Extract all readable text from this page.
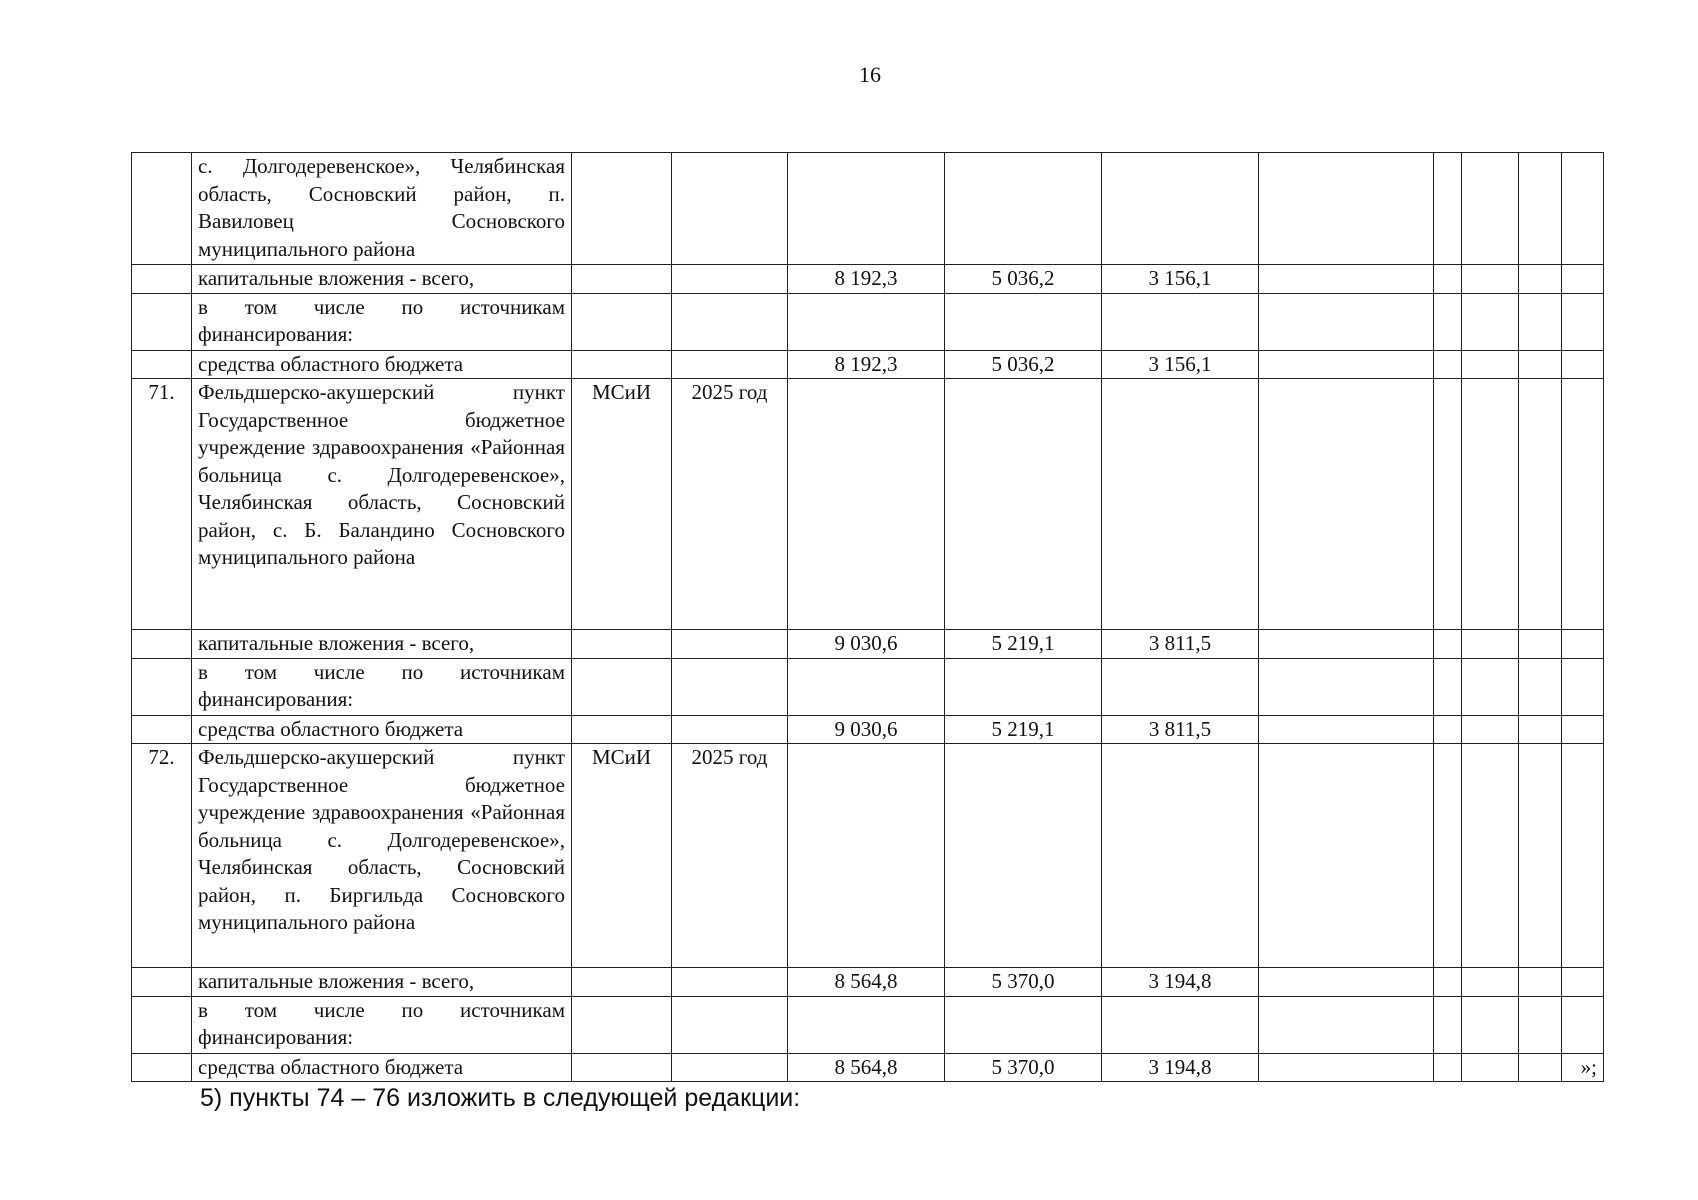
16
	с. Долгодеревенское», Челябинская область, Сосновский район, п. Вавиловец Сосновского муниципального района										
	капитальные вложения - всего,			8 192,3	5 036,2	3 156,1					
	в том числе по источникам финансирования:										
	средства областного бюджета			8 192,3	5 036,2	3 156,1					
71.	Фельдшерско-акушерский пункт Государственное бюджетное учреждение здравоохранения «Районная больница с. Долгодеревенское», Челябинская область, Сосновский район, с. Б. Баландино Сосновского муниципального района	МСиИ	2025 год								
	капитальные вложения - всего,			9 030,6	5 219,1	3 811,5					
	в том числе по источникам финансирования:										
	средства областного бюджета			9 030,6	5 219,1	3 811,5					
72.	Фельдшерско-акушерский пункт Государственное бюджетное учреждение здравоохранения «Районная больница с. Долгодеревенское», Челябинская область, Сосновский район, п. Биргильда Сосновского муниципального района	МСиИ	2025 год								
	капитальные вложения - всего,			8 564,8	5 370,0	3 194,8					
	в том числе по источникам финансирования:										
	средства областного бюджета			8 564,8	5 370,0	3 194,8					»;
5) пункты 74 – 76 изложить в следующей редакции:
